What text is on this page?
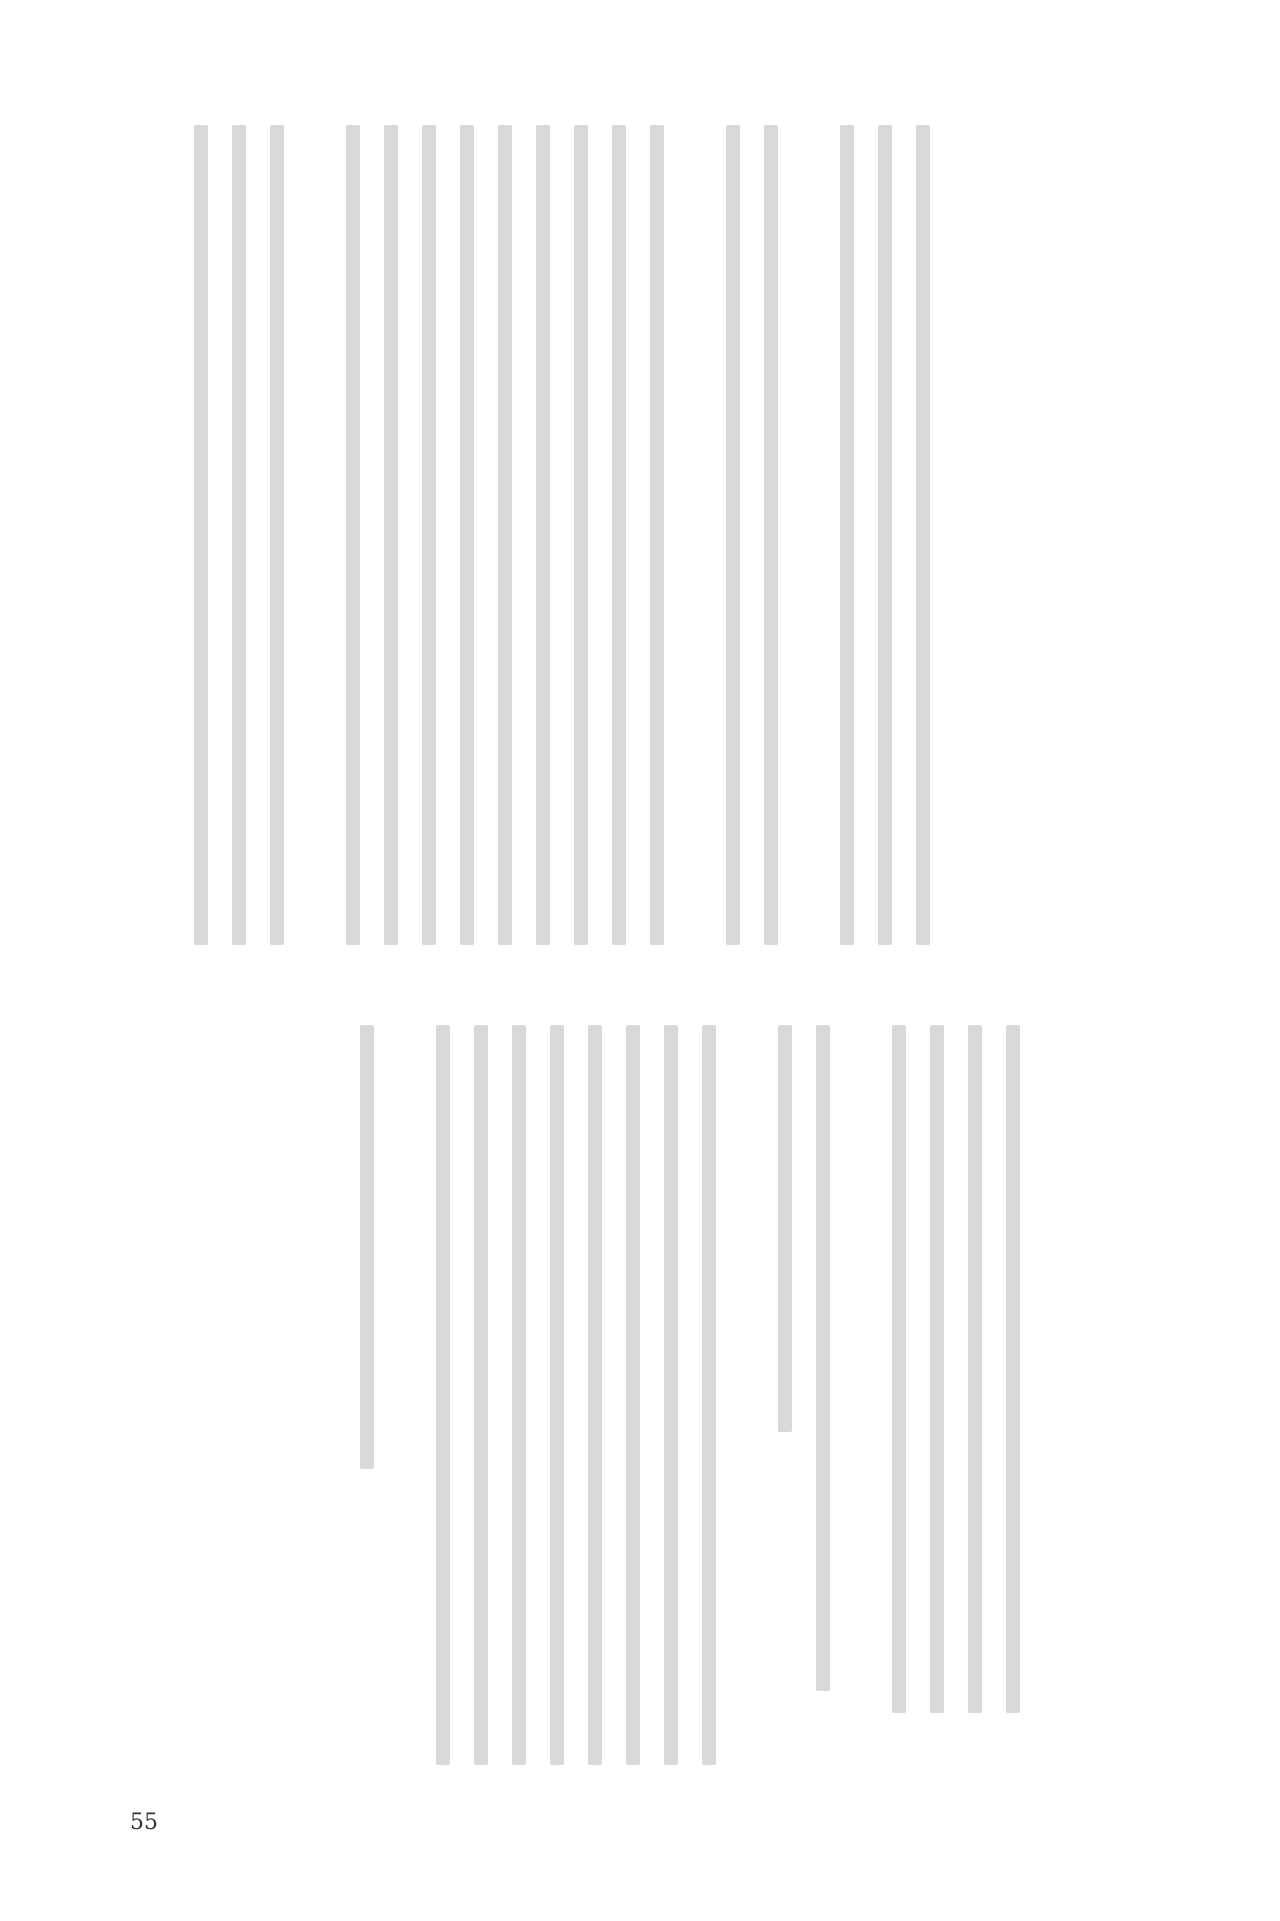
55
